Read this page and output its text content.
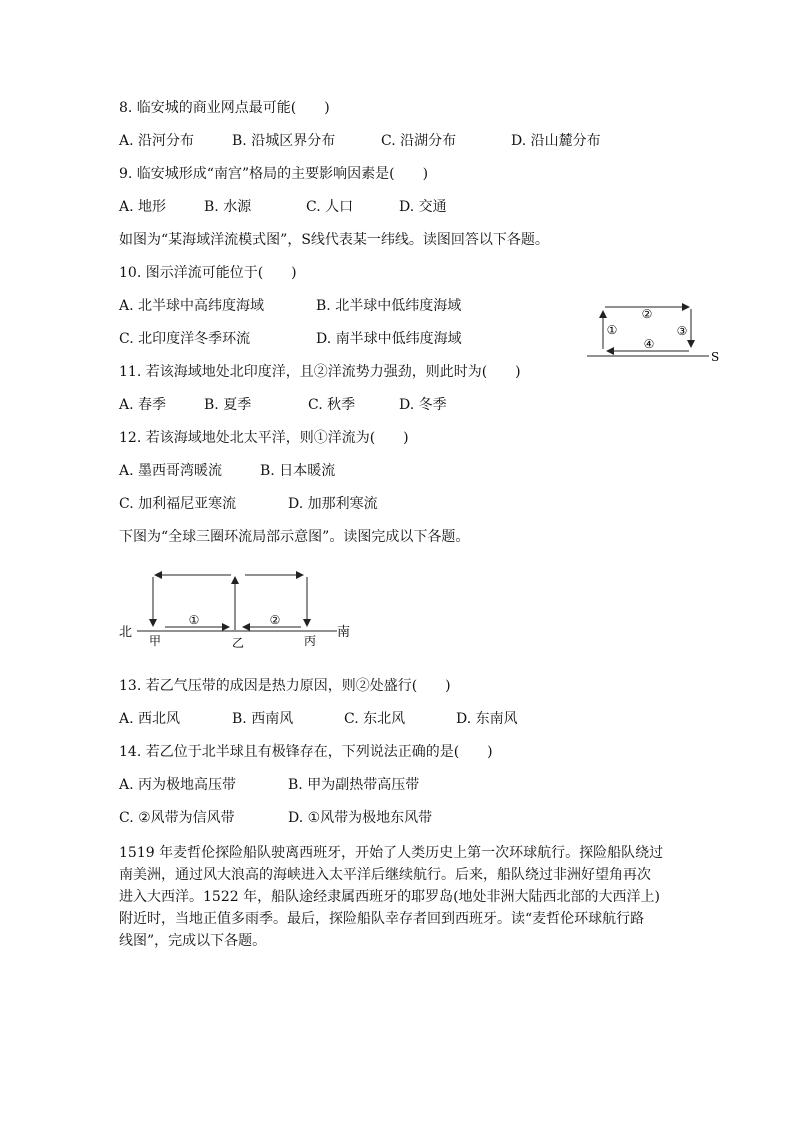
8. 临安城的商业网点最可能(　　)
A. 沿河分布	B. 沿城区界分布	C. 沿湖分布	D. 沿山麓分布
9. 临安城形成“南宫”格局的主要影响因素是(　　)
A. 地形	B. 水源	C. 人口	D. 交通
如图为“某海域洋流模式图”，S线代表某一纬线。读图回答以下各题。
10. 图示洋流可能位于(　　)
A. 北半球中高纬度海域	B. 北半球中低纬度海域
C. 北印度洋冬季环流	D. 南半球中低纬度海域
②
①	③
④
S
11. 若该海域地处北印度洋，且②洋流势力强劲，则此时为(　　)
A. 春季	B. 夏季	C. 秋季	D. 冬季
12. 若该海域地处北太平洋，则①洋流为(　　)
A. 墨西哥湾暖流	B. 日本暖流
C. 加利福尼亚寒流	D. 加那利寒流
下图为“全球三圈环流局部示意图”。读图完成以下各题。
北	南
甲	乙	丙
①	②
13. 若乙气压带的成因是热力原因，则②处盛行(　　)
A. 西北风	B. 西南风	C. 东北风	D. 东南风
14. 若乙位于北半球且有极锋存在，下列说法正确的是(　　)
A. 丙为极地高压带	B. 甲为副热带高压带
C. ②风带为信风带	D. ①风带为极地东风带
1519 年麦哲伦探险船队驶离西班牙，开始了人类历史上第一次环球航行。探险船队绕过
南美洲，通过风大浪高的海峡进入太平洋后继续航行。后来，船队绕过非洲好望角再次
进入大西洋。1522 年，船队途经隶属西班牙的耶罗岛(地处非洲大陆西北部的大西洋上)
附近时，当地正值多雨季。最后，探险船队幸存者回到西班牙。读“麦哲伦环球航行路
线图”，完成以下各题。
